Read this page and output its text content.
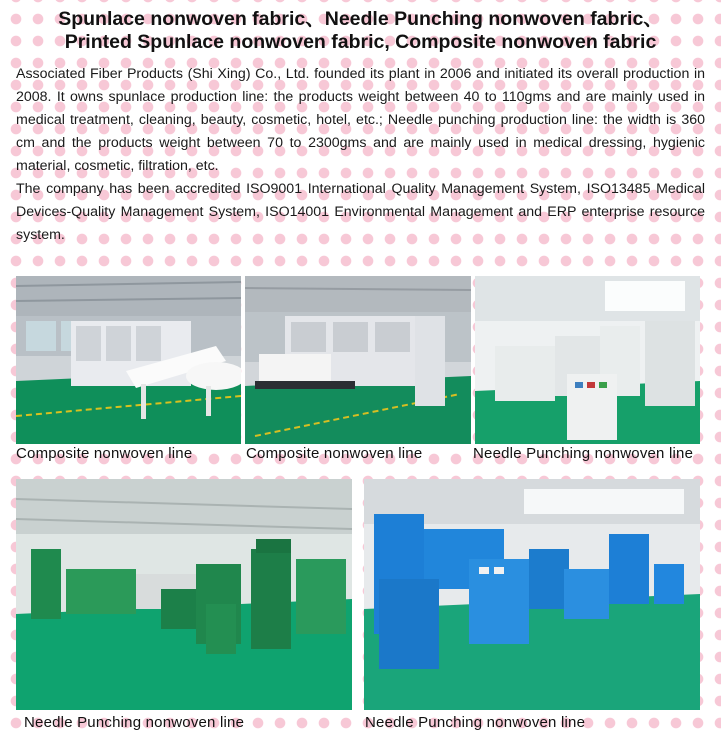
Spunlace nonwoven fabric、Needle Punching nonwoven fabric、
Printed Spunlace nonwoven fabric, Composite nonwoven fabric

Associated Fiber Products (Shi Xing) Co., Ltd. founded its plant in 2006 and initiated its overall production in 2008. It owns spunlace production line: the products weight between 40 to 110gms and are mainly used in medical treatment, cleaning, beauty, cosmetic, hotel, etc.; Needle punching production line: the width is 360 cm and the products weight between 70 to 2300gms and are mainly used in medical dressing, hygienic material, cosmetic, filtration, etc.

The company has been accredited ISO9001 International Quality Management System, ISO13485 Medical Devices-Quality Management System, ISO14001 Environmental Management and ERP enterprise resource system.

Composite nonwoven line	Composite nonwoven line	Needle Punching nonwoven line
Needle Punching nonwoven line	Needle Punching nonwoven line
